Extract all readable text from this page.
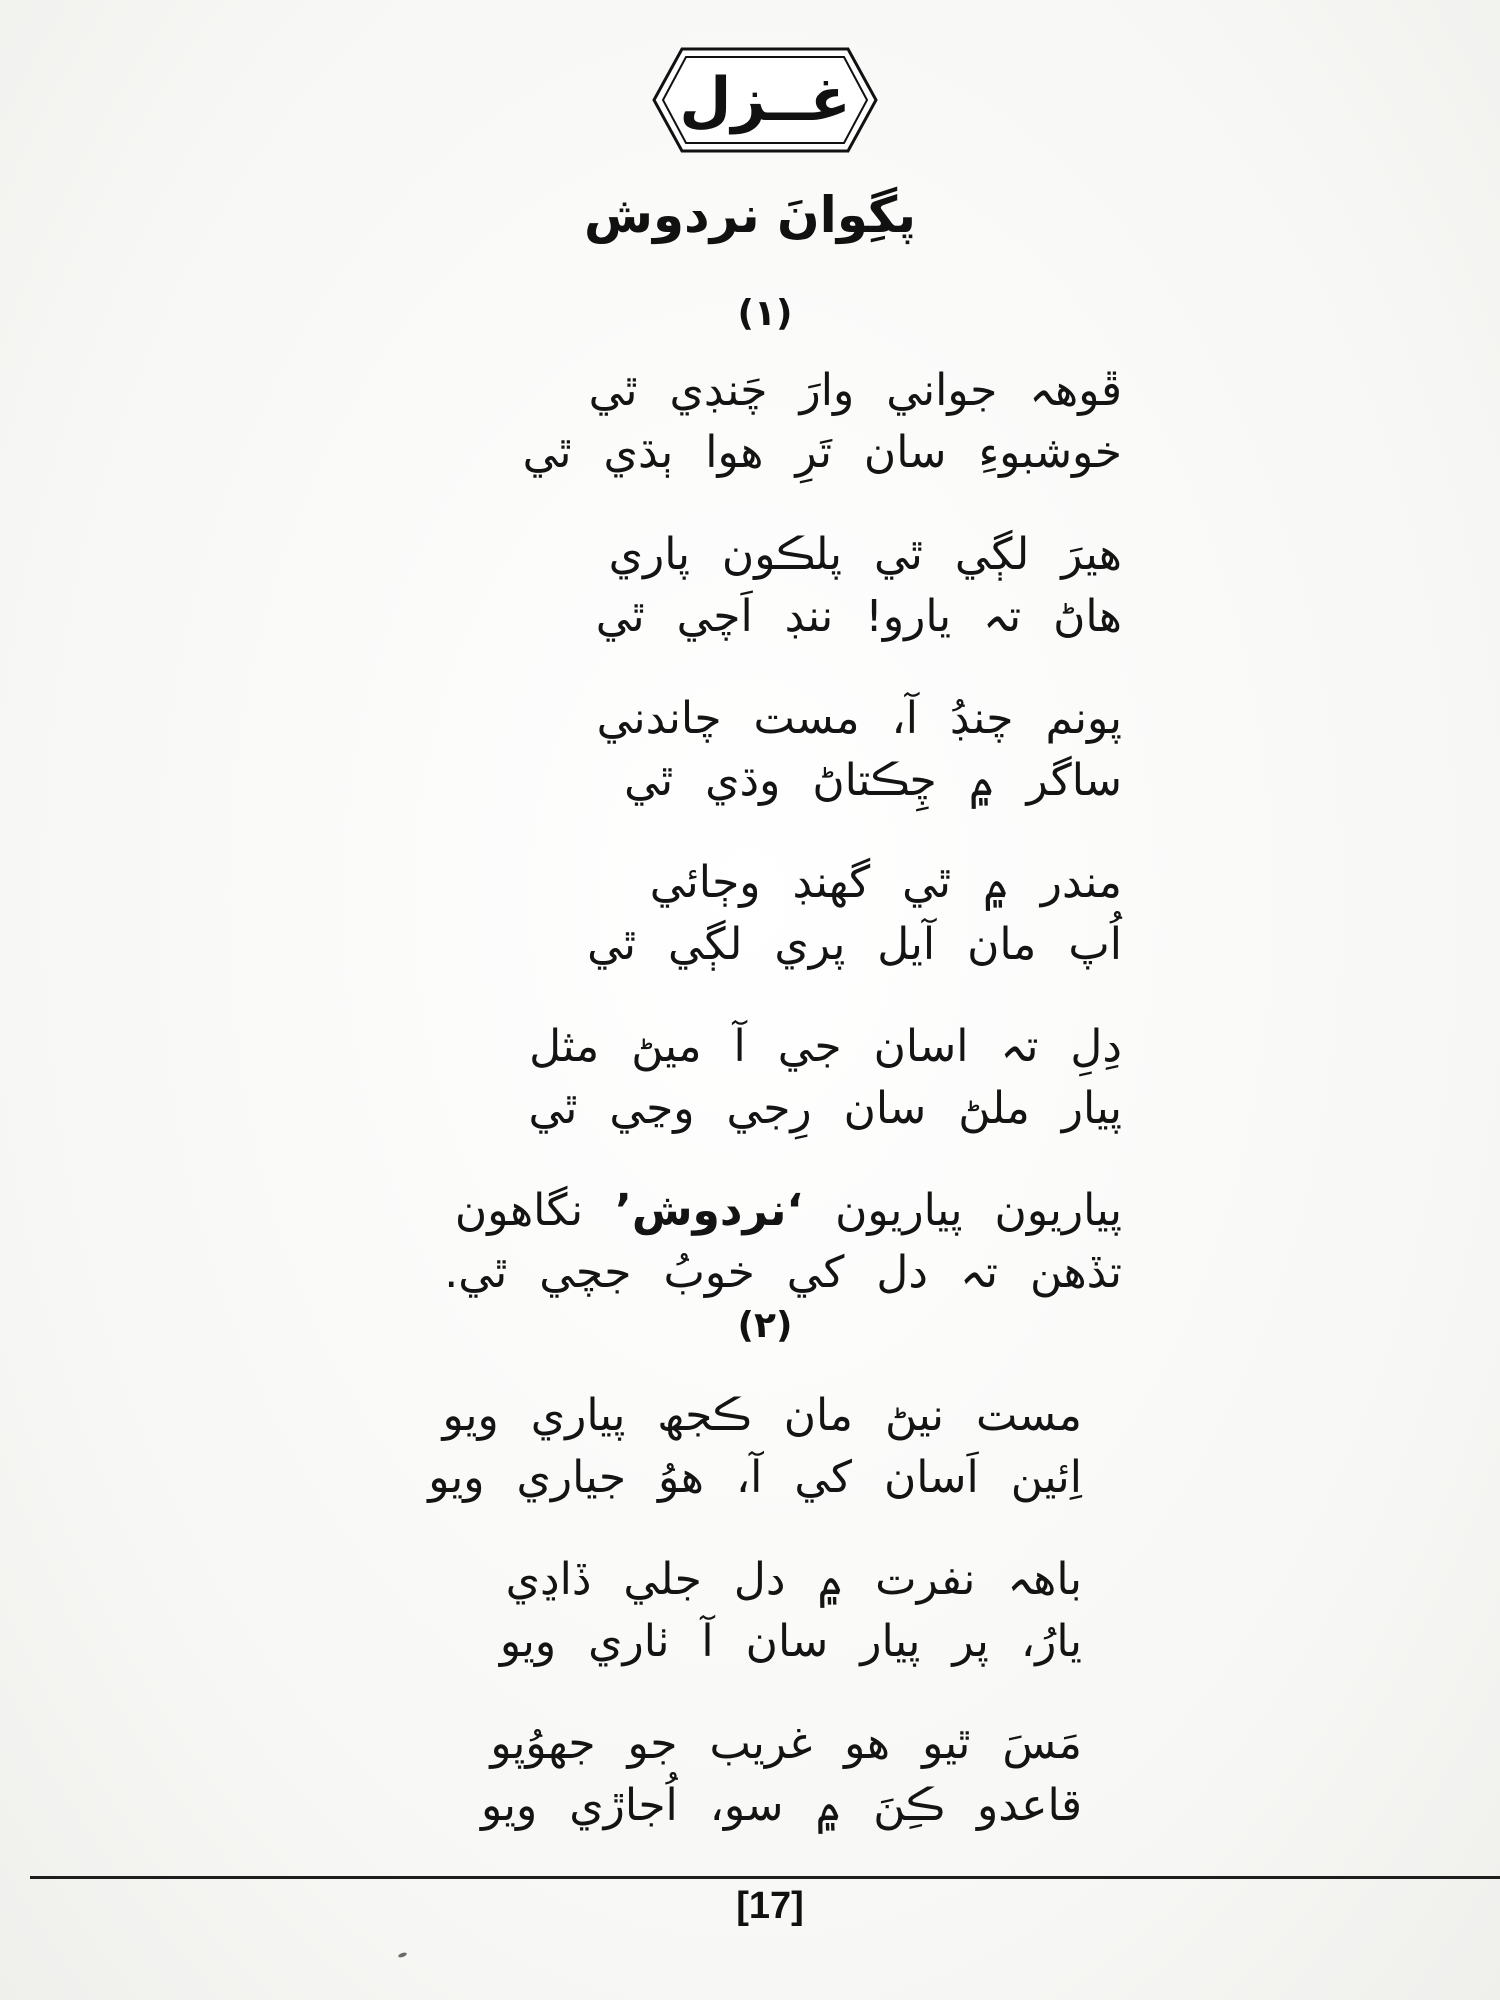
غــزل
پگِوانَ نردوش
(۱)
ڦوهہ جواني وارَ چَنڊي ٿي
خوشبوءِ سان تَرِ هوا ٻڌي ٿي
هيرَ لڳي ٿي پلڪون پاري
هاڻ تہ يارو! ننڊ اَچي ٿي
پونم چنڊُ آ، مست چاندني
ساگر ۾ چِڪتاڻ وڌي ٿي
مندر ۾ ٿي گھنڊ وڄائي
اُپ مان آيل پري لڳي ٿي
دِلِ تہ اسان جي آ ميڻ مثل
پيار ملڻ سان رِجي وڃي ٿي
پياريون پياريون ‘نردوش’ نگاهون
تڏهن تہ دل کي خوبُ جچي ٿي.
(۲)
مست نيڻ مان ڪجھ پياري ويو
اِئين اَسان کي آ، هوُ جياري ويو
باھہ نفرت ۾ دل جلي ڏاڍي
يارُ، پر پيار سان آ ٺاري ويو
مَسَ ٿيو هو غريب جو جهوُپو
قاعدو ڪِنَ ۾ سو، اُجاڙي ويو
[17]
